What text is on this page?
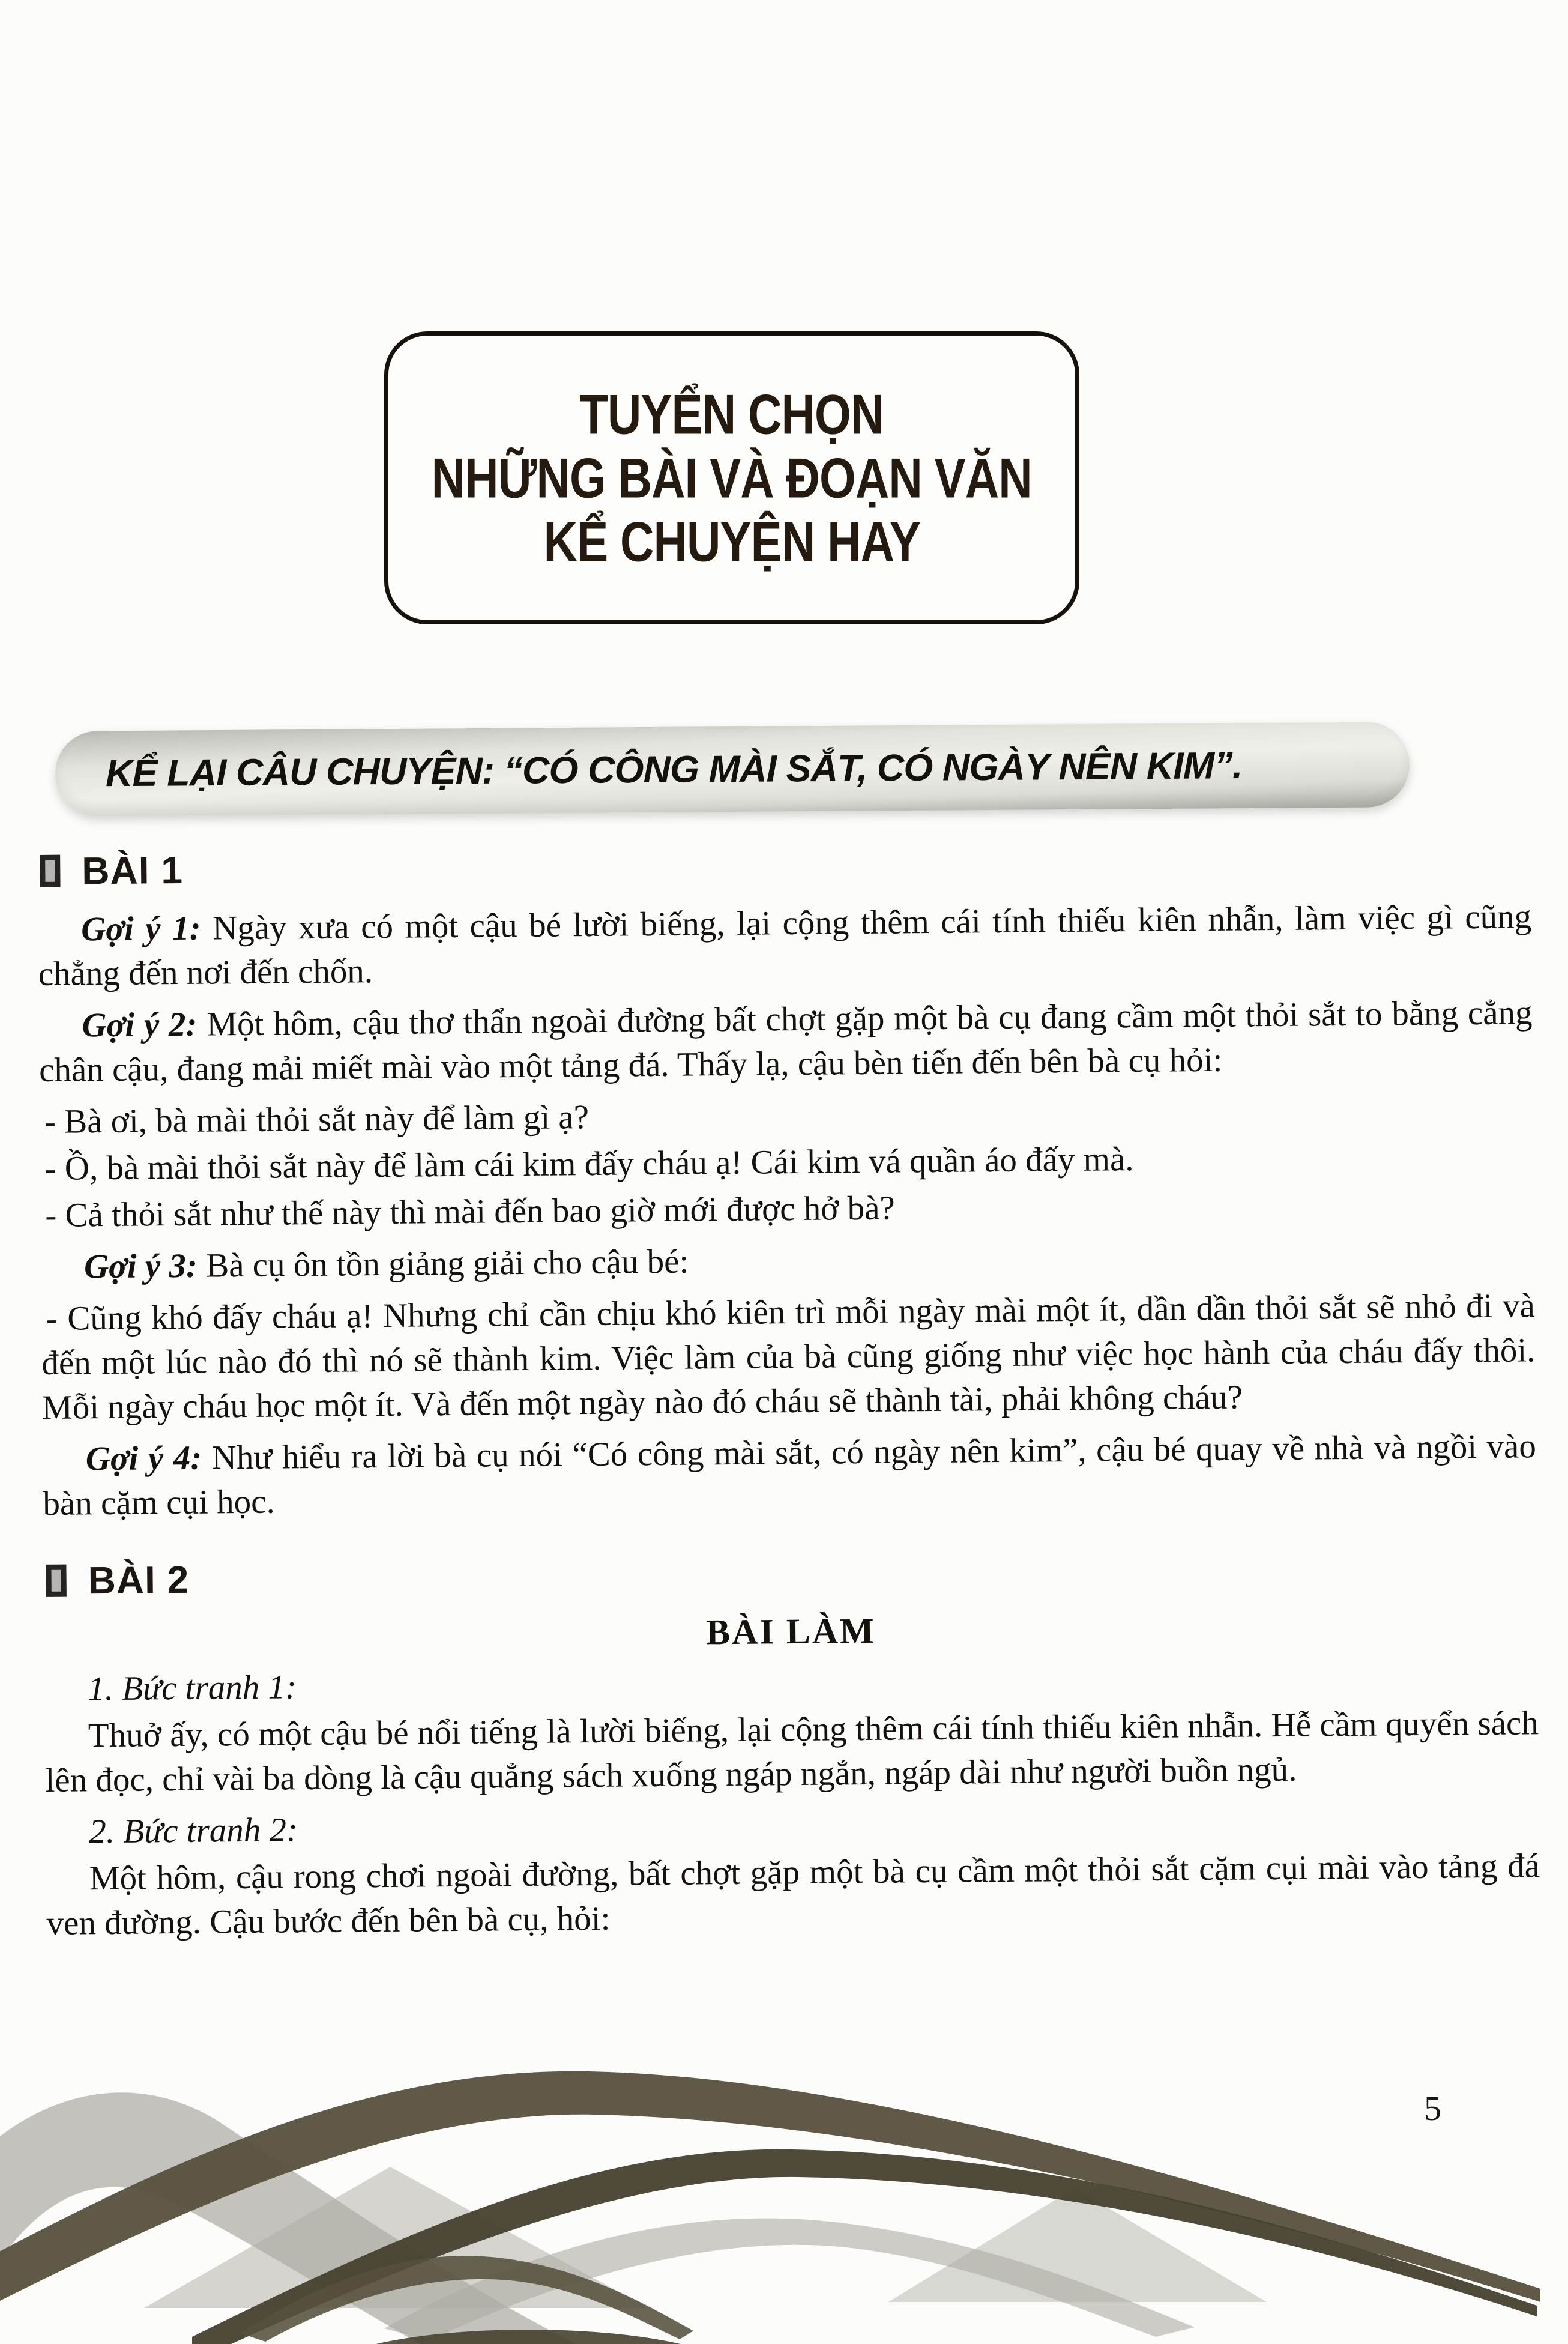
TUYỂN CHỌN
NHỮNG BÀI VÀ ĐOẠN VĂN
KỂ CHUYỆN HAY
KỂ LẠI CÂU CHUYỆN: “CÓ CÔNG MÀI SẮT, CÓ NGÀY NÊN KIM”.
BÀI 1

Gợi ý 1: Ngày xưa có một cậu bé lười biếng, lại cộng thêm cái tính thiếu kiên nhẫn, làm việc gì cũng chẳng đến nơi đến chốn.

Gợi ý 2: Một hôm, cậu thơ thẩn ngoài đường bất chợt gặp một bà cụ đang cầm một thỏi sắt to bằng cẳng chân cậu, đang mải miết mài vào một tảng đá. Thấy lạ, cậu bèn tiến đến bên bà cụ hỏi:

- Bà ơi, bà mài thỏi sắt này để làm gì ạ?

- Ồ, bà mài thỏi sắt này để làm cái kim đấy cháu ạ! Cái kim vá quần áo đấy mà.

- Cả thỏi sắt như thế này thì mài đến bao giờ mới được hở bà?

Gợi ý 3: Bà cụ ôn tồn giảng giải cho cậu bé:

- Cũng khó đấy cháu ạ! Nhưng chỉ cần chịu khó kiên trì mỗi ngày mài một ít, dần dần thỏi sắt sẽ nhỏ đi và đến một lúc nào đó thì nó sẽ thành kim. Việc làm của bà cũng giống như việc học hành của cháu đấy thôi. Mỗi ngày cháu học một ít. Và đến một ngày nào đó cháu sẽ thành tài, phải không cháu?

Gợi ý 4: Như hiểu ra lời bà cụ nói “Có công mài sắt, có ngày nên kim”, cậu bé quay về nhà và ngồi vào bàn cặm cụi học.

BÀI 2
BÀI LÀM

1. Bức tranh 1:

Thuở ấy, có một cậu bé nổi tiếng là lười biếng, lại cộng thêm cái tính thiếu kiên nhẫn. Hễ cầm quyển sách lên đọc, chỉ vài ba dòng là cậu quẳng sách xuống ngáp ngắn, ngáp dài như người buồn ngủ.

2. Bức tranh 2:

Một hôm, cậu rong chơi ngoài đường, bất chợt gặp một bà cụ cầm một thỏi sắt cặm cụi mài vào tảng đá ven đường. Cậu bước đến bên bà cụ, hỏi:

5
